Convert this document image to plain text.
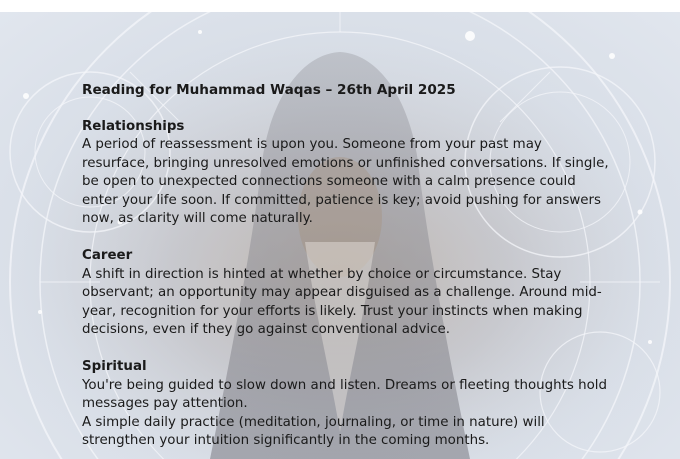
Reading for Muhammad Waqas – 26th April 2025

Relationships

A period of reassessment is upon you. Someone from your past may resurface, bringing unresolved emotions or unfinished conversations. If single, be open to unexpected connections someone with a calm presence could enter your life soon. If committed, patience is key; avoid pushing for answers now, as clarity will come naturally.

Career

A shift in direction is hinted at whether by choice or circumstance. Stay observant; an opportunity may appear disguised as a challenge. Around mid-year, recognition for your efforts is likely. Trust your instincts when making decisions, even if they go against conventional advice.

Spiritual

You're being guided to slow down and listen. Dreams or fleeting thoughts hold messages pay attention.

A simple daily practice (meditation, journaling, or time in nature) will strengthen your intuition significantly in the coming months.
